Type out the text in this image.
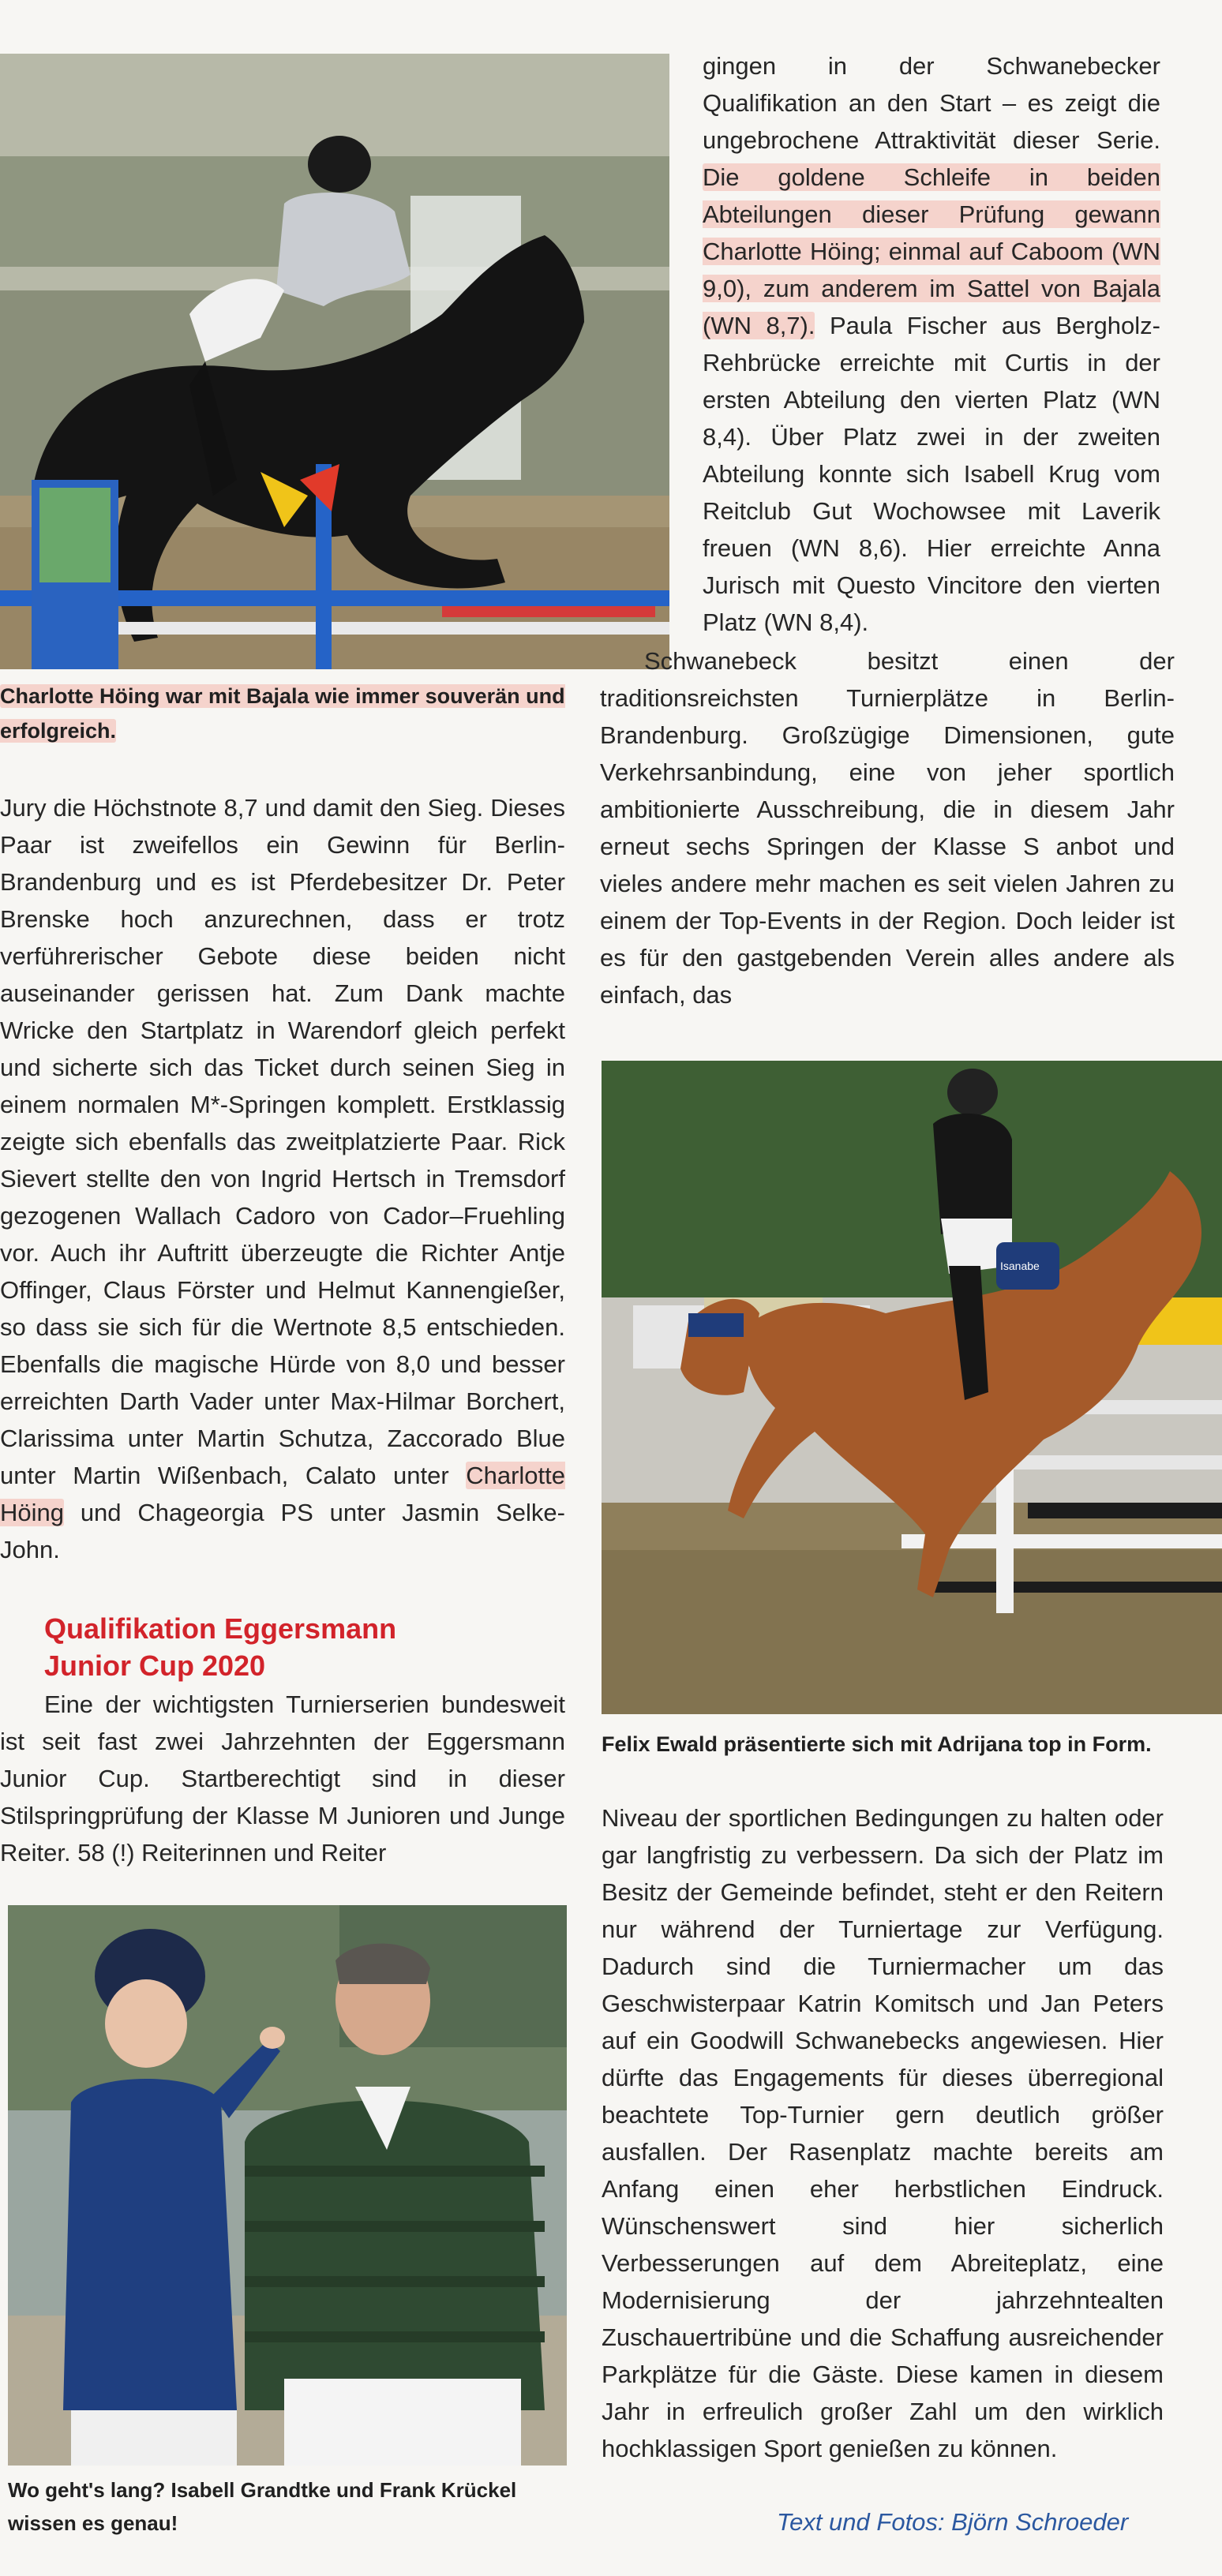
Charlotte Höing war mit Bajala wie immer souverän und erfolgreich.

gingen in der Schwanebecker Qualifikation an den Start – es zeigt die ungebrochene Attraktivität dieser Serie. Die goldene Schleife in beiden Abteilungen dieser Prüfung gewann Charlotte Höing; einmal auf Caboom (WN 9,0), zum anderem im Sattel von Bajala (WN 8,7). Paula Fischer aus Bergholz-Rehbrücke erreichte mit Curtis in der ersten Abteilung den vierten Platz (WN 8,4). Über Platz zwei in der zweiten Abteilung konnte sich Isabell Krug vom Reitclub Gut Wochowsee mit Laverik freuen (WN 8,6). Hier erreichte Anna Jurisch mit Questo Vincitore den vierten Platz (WN 8,4).

Schwanebeck besitzt einen der traditionsreichsten Turnierplätze in Berlin-Brandenburg. Großzügige Dimensionen, gute Verkehrsanbindung, eine von jeher sportlich ambitionierte Ausschreibung, die in diesem Jahr erneut sechs Springen der Klasse S anbot und vieles andere mehr machen es seit vielen Jahren zu einem der Top-Events in der Region. Doch leider ist es für den gastgebenden Verein alles andere als einfach, das

Jury die Höchstnote 8,7 und damit den Sieg. Dieses Paar ist zweifellos ein Gewinn für Berlin-Brandenburg und es ist Pferdebesitzer Dr. Peter Brenske hoch anzurechnen, dass er trotz verführerischer Gebote diese beiden nicht auseinander gerissen hat. Zum Dank machte Wricke den Startplatz in Warendorf gleich perfekt und sicherte sich das Ticket durch seinen Sieg in einem normalen M*-Springen komplett. Erstklassig zeigte sich ebenfalls das zweitplatzierte Paar. Rick Sievert stellte den von Ingrid Hertsch in Tremsdorf gezogenen Wallach Cadoro von Cador–Fruehling vor. Auch ihr Auftritt überzeugte die Richter Antje Offinger, Claus Förster und Helmut Kannengießer, so dass sie sich für die Wertnote 8,5 entschieden. Ebenfalls die magische Hürde von 8,0 und besser erreichten Darth Vader unter Max-Hilmar Borchert, Clarissima unter Martin Schutza, Zaccorado Blue unter Martin Wißenbach, Calato unter Charlotte Höing und Chageorgia PS unter Jasmin Selke-John.

Qualifikation Eggersmann Junior Cup 2020

Eine der wichtigsten Turnierserien bundesweit ist seit fast zwei Jahrzehnten der Eggersmann Junior Cup. Startberechtigt sind in dieser Stilspringprüfung der Klasse M Junioren und Junge Reiter. 58 (!) Reiterinnen und Reiter

Isanabe

Felix Ewald präsentierte sich mit Adrijana top in Form.

Niveau der sportlichen Bedingungen zu halten oder gar langfristig zu verbessern. Da sich der Platz im Besitz der Gemeinde befindet, steht er den Reitern nur während der Turniertage zur Verfügung. Dadurch sind die Turniermacher um das Geschwisterpaar Katrin Komitsch und Jan Peters auf ein Goodwill Schwanebecks angewiesen. Hier dürfte das Engagements für dieses überregional beachtete Top-Turnier gern deutlich größer ausfallen. Der Rasenplatz machte bereits am Anfang einen eher herbstlichen Eindruck. Wünschenswert sind hier sicherlich Verbesserungen auf dem Abreiteplatz, eine Modernisierung der jahrzehntealten Zuschauertribüne und die Schaffung ausreichender Parkplätze für die Gäste. Diese kamen in diesem Jahr in erfreulich großer Zahl um den wirklich hochklassigen Sport genießen zu können.

Text und Fotos: Björn Schroeder

Wo geht's lang? Isabell Grandtke und Frank Krückel wissen es genau!
